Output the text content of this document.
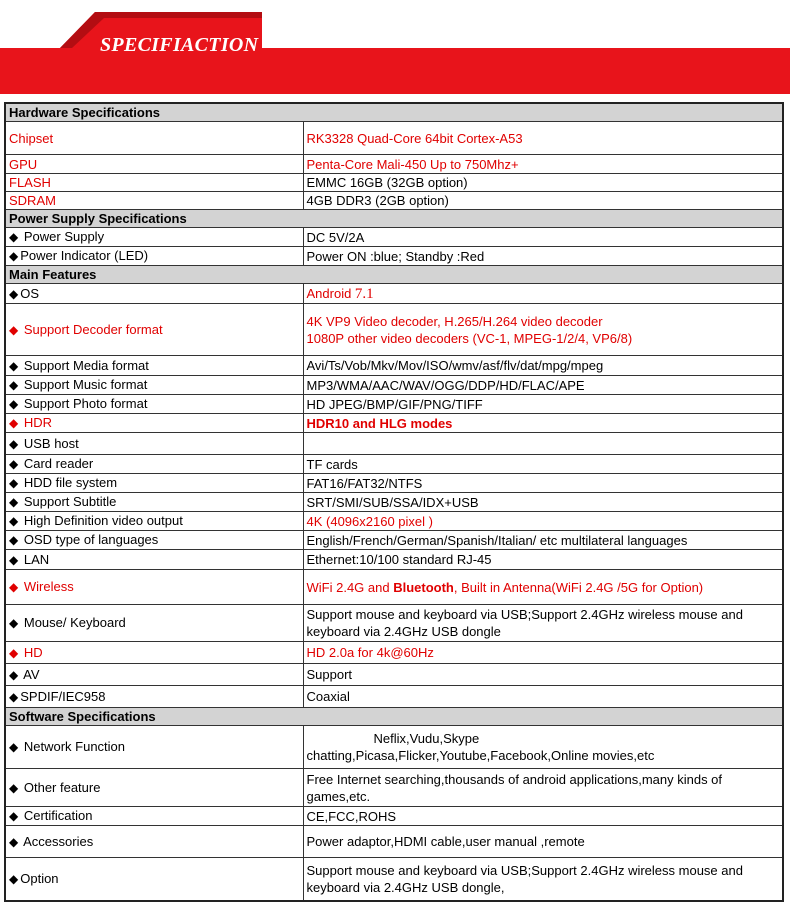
SPECIFIACTION
Hardware Specifications	
Chipset	RK3328 Quad-Core 64bit Cortex-A53
GPU	Penta-Core Mali-450 Up to 750Mhz+
FLASH	EMMC 16GB (32GB option)
SDRAM	4GB DDR3 (2GB option)
Power Supply Specifications	
◆ Power Supply	DC 5V/2A
◆ Power Indicator (LED)	Power ON :blue; Standby :Red
Main Features	
◆ OS	Android 7.1
◆ Support Decoder format	4K VP9 Video decoder, H.265/H.264 video decoder
1080P other video decoders (VC-1, MPEG-1/2/4, VP6/8)

◆ Support Media format	Avi/Ts/Vob/Mkv/Mov/ISO/wmv/asf/flv/dat/mpg/mpeg
◆ Support Music format	MP3/WMA/AAC/WAV/OGG/DDP/HD/FLAC/APE
◆ Support Photo format	HD JPEG/BMP/GIF/PNG/TIFF
◆ HDR	HDR10 and HLG modes
◆ USB host	
◆ Card reader	TF cards
◆ HDD file system	FAT16/FAT32/NTFS
◆ Support Subtitle	SRT/SMI/SUB/SSA/IDX+USB
◆ High Definition video output	4K (4096x2160 pixel )
◆ OSD type of languages	English/French/German/Spanish/Italian/ etc multilateral languages
◆ LAN	Ethernet:10/100 standard RJ-45
◆ Wireless	WiFi 2.4G and Bluetooth, Built in Antenna(WiFi 2.4G /5G for Option)
◆ Mouse/ Keyboard	Support mouse and keyboard via USB;Support 2.4GHz wireless mouse and
keyboard via 2.4GHz USB dongle

◆ HD	HD 2.0a for 4k@60Hz
◆ AV	Support
◆ SPDIF/IEC958	Coaxial
Software Specifications	
◆ Network Function	Neflix,Vudu,Skype
chatting,Picasa,Flicker,Youtube,Facebook,Online movies,etc

◆ Other feature	Free Internet searching,thousands of android applications,many kinds of
games,etc.

◆ Certification	CE,FCC,ROHS
◆ Accessories	Power adaptor,HDMI cable,user manual ,remote
◆ Option	Support mouse and keyboard via USB;Support 2.4GHz wireless mouse and
keyboard via 2.4GHz USB dongle,
